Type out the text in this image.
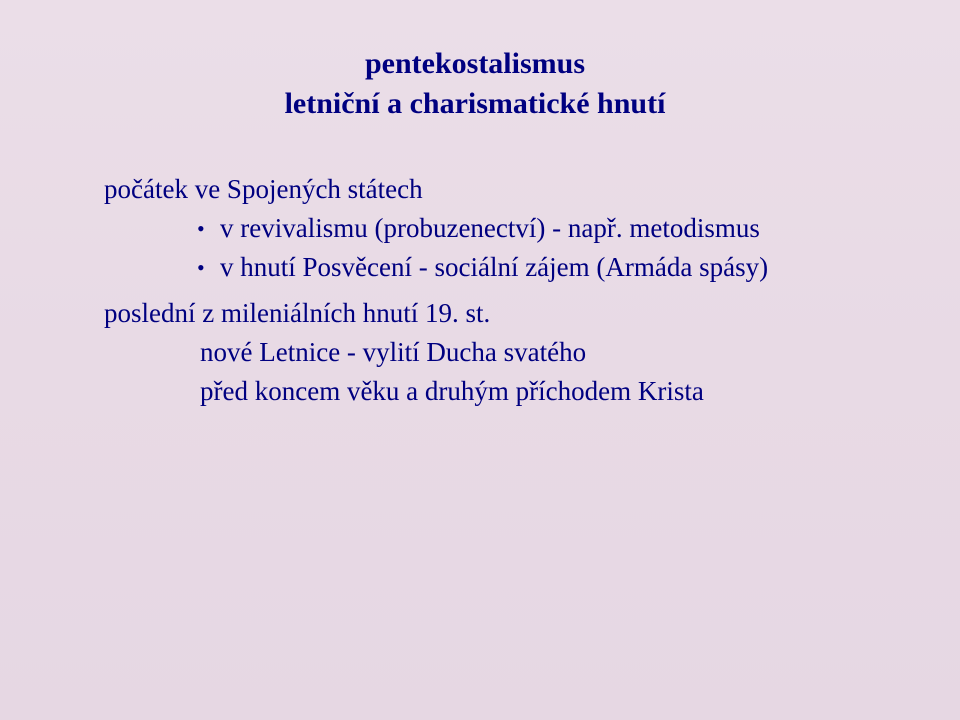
pentekostalismus
letniční a charismatické hnutí
počátek ve Spojených státech
• v revivalismu (probuzenectví) - např. metodismus
• v hnutí Posvěcení - sociální zájem (Armáda spásy)
poslední z mileniálních hnutí 19. st.
nové Letnice - vylití Ducha svatého
před koncem věku a druhým příchodem Krista
